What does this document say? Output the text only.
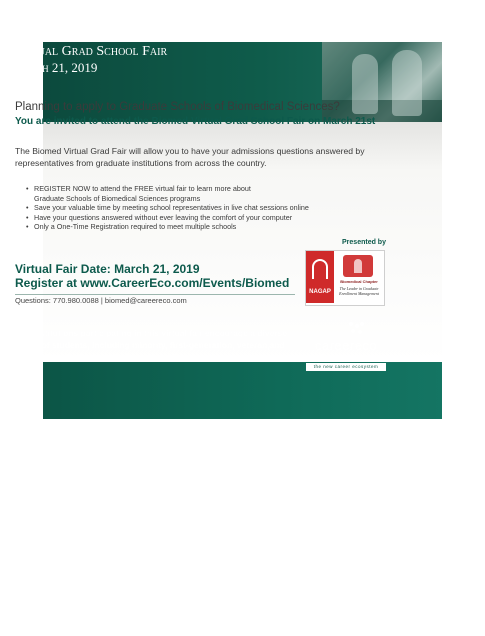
BIOMED
Virtual Grad School Fair
March 21, 2019
Planning to apply to Graduate Schools of Biomedical Sciences?
You are invited to attend the Biomed Virtual Grad School Fair on March 21st
The Biomed Virtual Grad Fair will allow you to have your admissions questions answered by representatives from graduate institutions from across the country.
• REGISTER NOW to attend the FREE virtual fair to learn more about
Graduate Schools of Biomedical Sciences programs
• Save your valuable time by meeting school representatives in live chat sessions online
• Have your questions answered without ever leaving the comfort of your computer
• Only a One-Time Registration required to meet multiple schools
Virtual Fair Date: March 21, 2019
Register at www.CareerEco.com/Events/Biomed
Questions: 770.980.0088 | biomed@careereco.com
Presented by
NAGAP
Biomedical Chapter
The Leader in Graduate Enrollment Management
The institutions participating in this virtual fair encourage a diverse group of students, including minority, first-generation, veteran,and disabled students, to participate in the fair.
careereco
virtual events
the new career ecosystem
